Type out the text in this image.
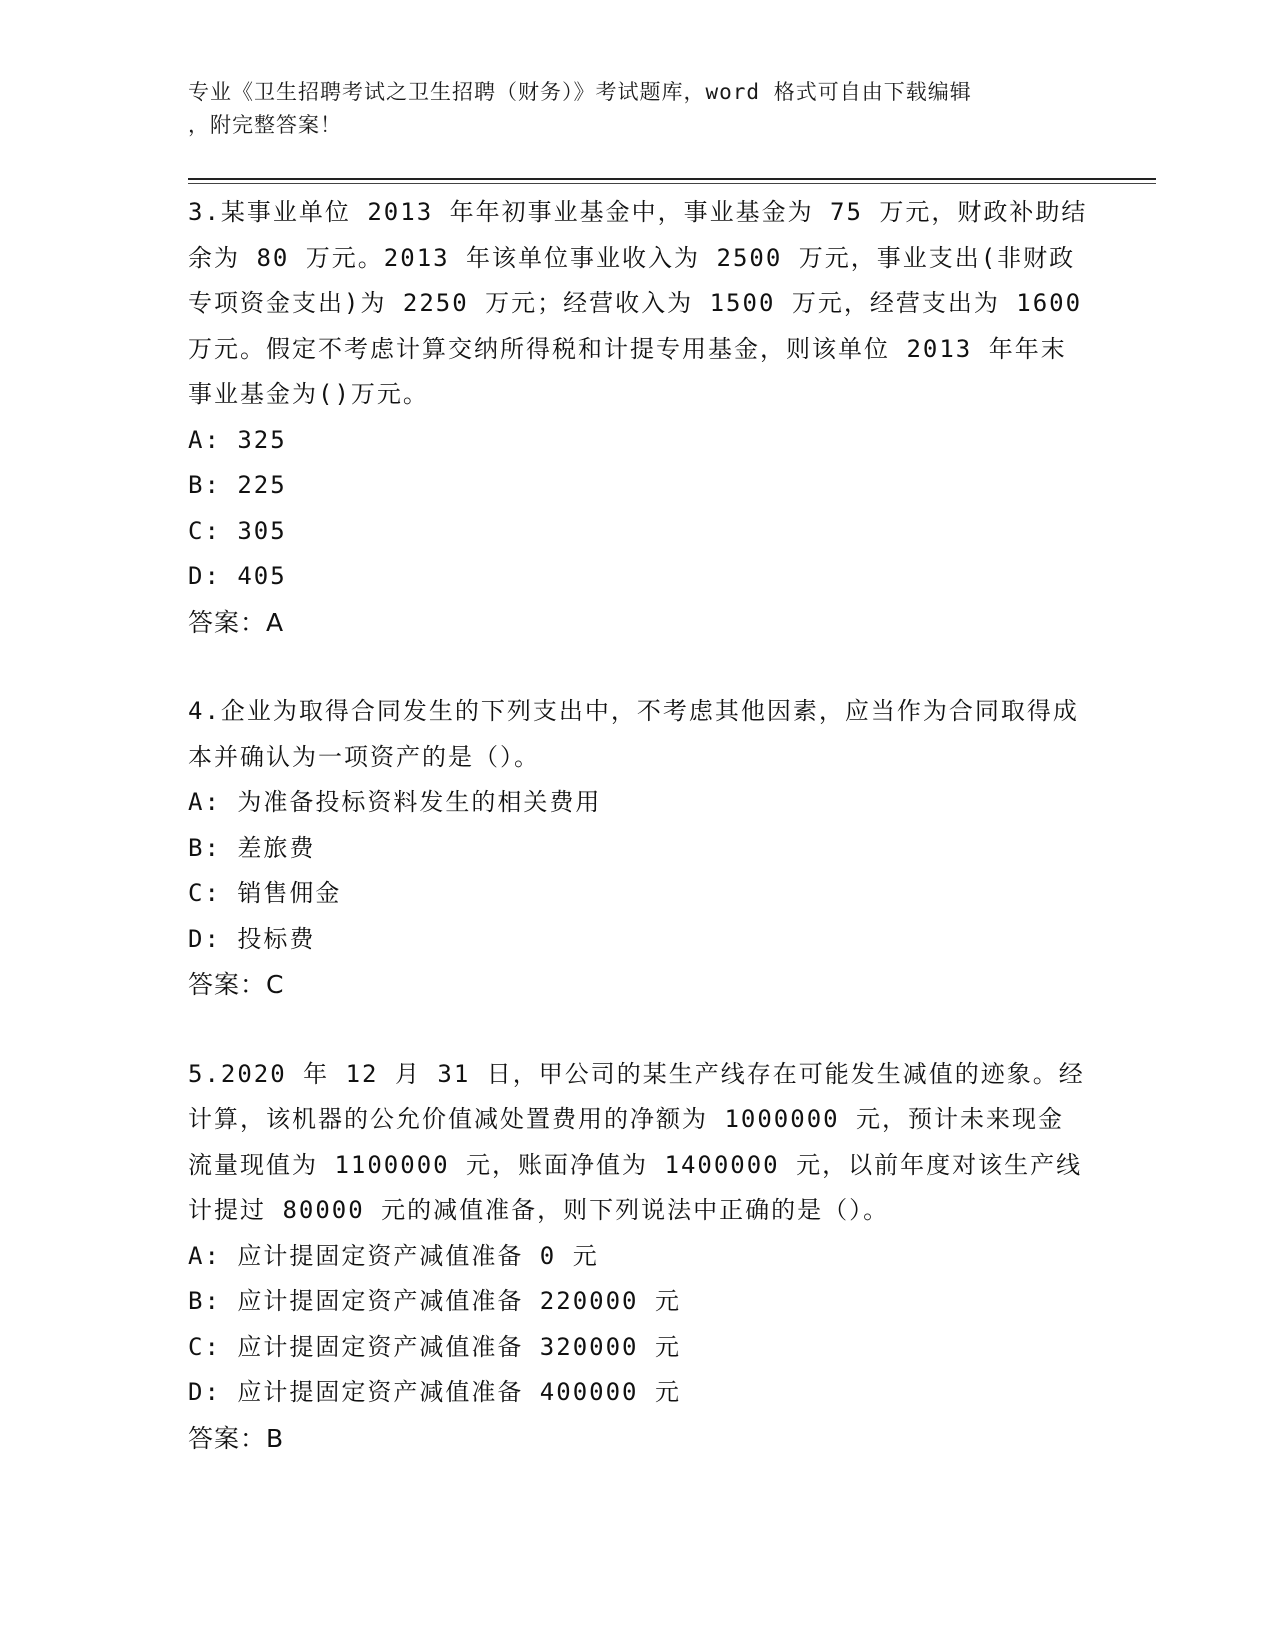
专业《卫生招聘考试之卫生招聘（财务）》考试题库，word 格式可自由下载编辑
，附完整答案！

3.某事业单位 2013 年年初事业基金中，事业基金为 75 万元，财政补助结余为 80 万元。2013 年该单位事业收入为 2500 万元，事业支出(非财政专项资金支出)为 2250 万元；经营收入为 1500 万元，经营支出为 1600 万元。假定不考虑计算交纳所得税和计提专用基金，则该单位 2013 年年末事业基金为()万元。

A: 325

B: 225

C: 305

D: 405

答案：A

4.企业为取得合同发生的下列支出中，不考虑其他因素，应当作为合同取得成本并确认为一项资产的是（）。

A: 为准备投标资料发生的相关费用

B: 差旅费

C: 销售佣金

D: 投标费

答案：C

5.2020 年 12 月 31 日，甲公司的某生产线存在可能发生减值的迹象。经计算，该机器的公允价值减处置费用的净额为 1000000 元，预计未来现金流量现值为 1100000 元，账面净值为 1400000 元，以前年度对该生产线计提过 80000 元的减值准备，则下列说法中正确的是（）。

A: 应计提固定资产减值准备 0 元

B: 应计提固定资产减值准备 220000 元

C: 应计提固定资产减值准备 320000 元

D: 应计提固定资产减值准备 400000 元

答案：B
